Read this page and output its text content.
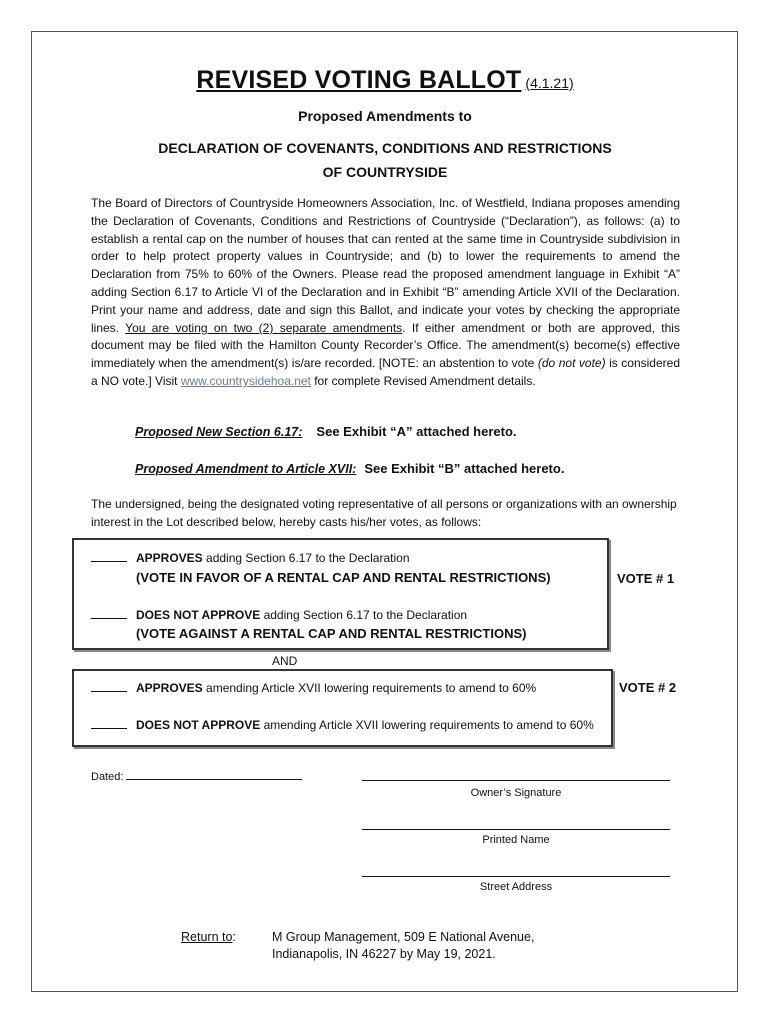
REVISED VOTING BALLOT (4.1.21)
Proposed Amendments to
DECLARATION OF COVENANTS, CONDITIONS AND RESTRICTIONS
OF COUNTRYSIDE
The Board of Directors of Countryside Homeowners Association, Inc. of Westfield, Indiana proposes amending the Declaration of Covenants, Conditions and Restrictions of Countryside (“Declaration”), as follows: (a) to establish a rental cap on the number of houses that can rented at the same time in Countryside subdivision in order to help protect property values in Countryside; and (b) to lower the requirements to amend the Declaration from 75% to 60% of the Owners. Please read the proposed amendment language in Exhibit “A” adding Section 6.17 to Article VI of the Declaration and in Exhibit “B” amending Article XVII of the Declaration. Print your name and address, date and sign this Ballot, and indicate your votes by checking the appropriate lines. You are voting on two (2) separate amendments. If either amendment or both are approved, this document may be filed with the Hamilton County Recorder’s Office. The amendment(s) become(s) effective immediately when the amendment(s) is/are recorded. [NOTE: an abstention to vote (do not vote) is considered a NO vote.] Visit www.countrysidehoa.net for complete Revised Amendment details.
Proposed New Section 6.17: See Exhibit “A” attached hereto.
Proposed Amendment to Article XVII: See Exhibit “B” attached hereto.
The undersigned, being the designated voting representative of all persons or organizations with an ownership interest in the Lot described below, hereby casts his/her votes, as follows:
APPROVES adding Section 6.17 to the Declaration
(VOTE IN FAVOR OF A RENTAL CAP AND RENTAL RESTRICTIONS)
DOES NOT APPROVE adding Section 6.17 to the Declaration
(VOTE AGAINST A RENTAL CAP AND RENTAL RESTRICTIONS)
VOTE # 1
AND
APPROVES amending Article XVII lowering requirements to amend to 60%
DOES NOT APPROVE amending Article XVII lowering requirements to amend to 60%
VOTE # 2
Dated:
Owner’s Signature
Printed Name
Street Address
Return to:	M Group Management, 509 E National Avenue,
Indianapolis, IN 46227 by May 19, 2021.
